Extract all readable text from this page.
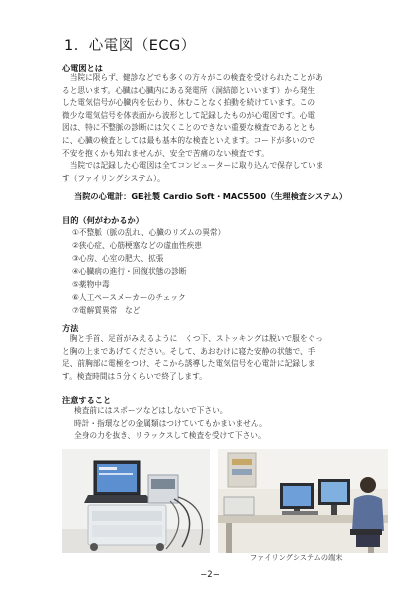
1．心電図（ECG）
心電図とは

当院に限らず、健診などでも多くの方々がこの検査を受けられたことがあ
ると思います。心臓は心臓内にある発電所（洞結節といいます）から発生
した電気信号が心臓内を伝わり、休むことなく拍動を続けています。この
微少な電気信号を体表面から波形として記録したものが心電図です。心電
図は、特に不整脈の診断には欠くことのできない重要な検査であるととも
に、心臓の検査としては最も基本的な検査といえます。コードが多いので
不安を抱くかも知れませんが、安全で苦痛のない検査です。

当院では記録した心電図は全てコンピューターに取り込んで保存していま
す（ファイリングシステム）。

当院の心電計：GE社製 Cardio Soft・MAC5500（生理検査システム）
目的（何がわかるか）
①不整脈（脈の乱れ、心臓のリズムの異常）
②狭心症、心筋梗塞などの虚血性疾患
③心房、心室の肥大、拡張
④心臓病の進行・回復状態の診断
⑤薬物中毒
⑥人工ペースメーカーのチェック
⑦電解質異常　など
方法

胸と手首、足首がみえるように　くつ下、ストッキングは脱いで服をぐっ
と胸の上まであげてください。そして、あおむけに寝た安静の状態で、手
足、前胸部に電極をつけ、そこから誘導した電気信号を心電計に記録しま
す。検査時間は５分くらいで終了します。

注意すること

検査前にはスポーツなどはしないで下さい。
時計・指環などの金属類はつけていてもかまいません。
全身の力を抜き、リラックスして検査を受けて下さい。

ファイリングシステムの端末
−2−
